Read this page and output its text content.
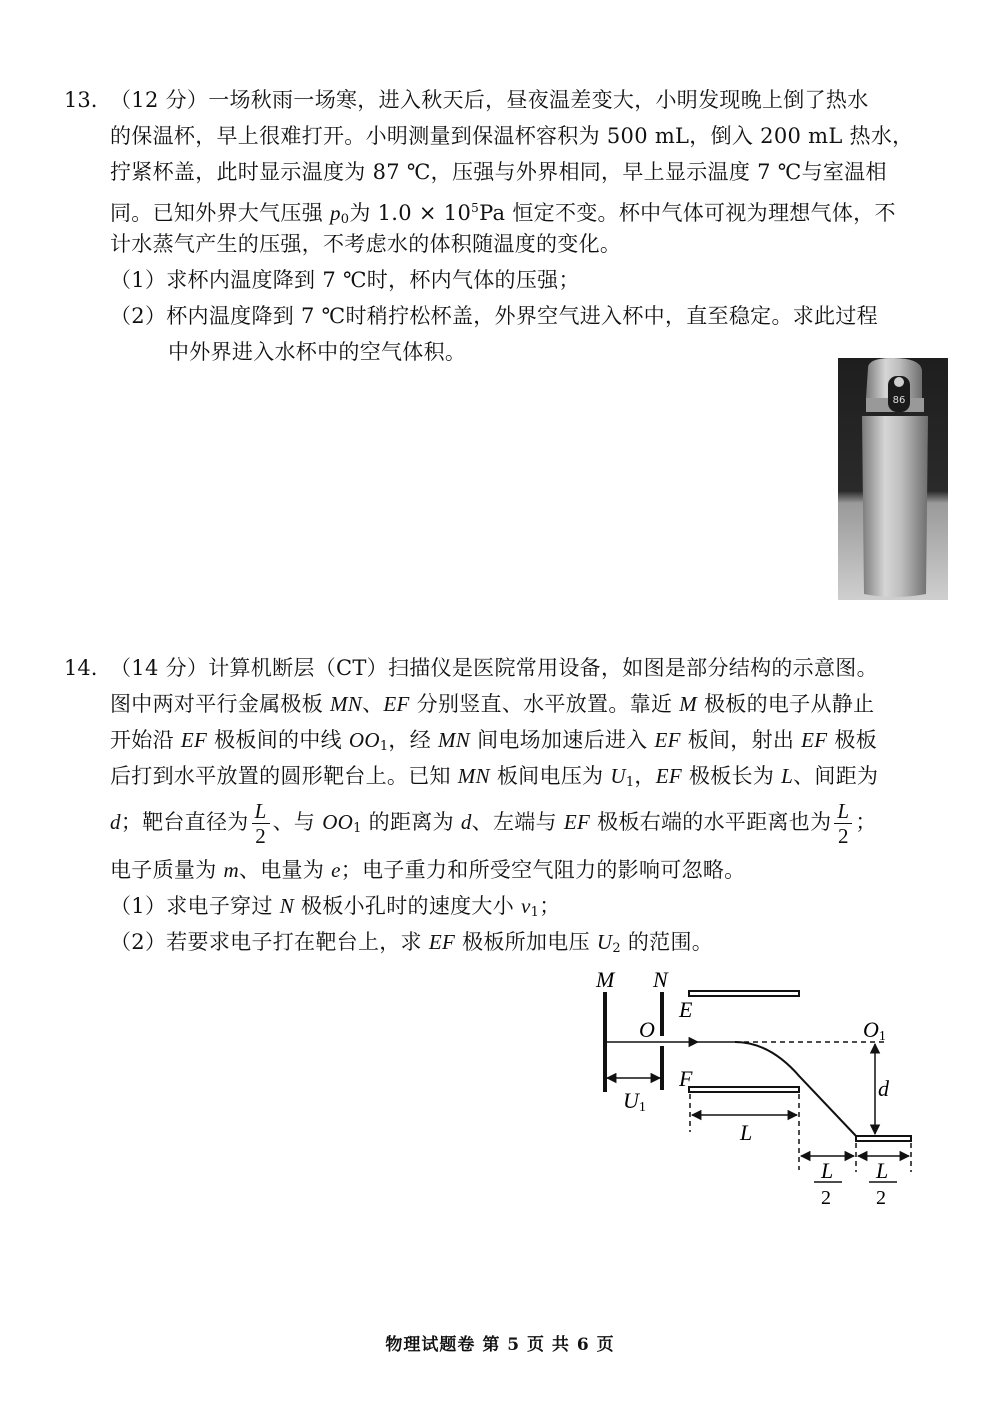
13. （12 分）一场秋雨一场寒，进入秋天后，昼夜温差变大，小明发现晚上倒了热水
的保温杯，早上很难打开。小明测量到保温杯容积为 500 mL，倒入 200 mL 热水，
拧紧杯盖，此时显示温度为 87 ℃，压强与外界相同，早上显示温度 7 ℃与室温相
同。已知外界大气压强 $p_0$为 $1.0 \times 10^5Pa$ 恒定不变。杯中气体可视为理想气体，不
计水蒸气产生的压强，不考虑水的体积随温度的变化。
（1）求杯内温度降到 7 ℃时，杯内气体的压强；
（2）杯内温度降到 7 ℃时稍拧松杯盖，外界空气进入杯中，直至稳定。求此过程
中外界进入水杯中的空气体积。
86
14. （14 分）计算机断层（CT）扫描仪是医院常用设备，如图是部分结构的示意图。
图中两对平行金属极板 MN、EF 分别竖直、水平放置。靠近 M 极板的电子从静止
开始沿 EF 极板间的中线 $OO_1$，经 MN 间电场加速后进入 EF 板间，射出 EF 极板
后打到水平放置的圆形靶台上。已知 MN 板间电压为 $U_1$，EF 极板长为 L、间距为
d；靶台直径为 $\frac{L}{2}$ 、与 $OO_1$ 的距离为 d、左端与 EF 极板右端的水平距离也为 $\frac{L}{2}$ ；
电子质量为 m、电量为 e；电子重力和所受空气阻力的影响可忽略。
（1）求电子穿过 N 极板小孔时的速度大小 $v_1$；
（2）若要求电子打在靶台上，求 EF 极板所加电压 $U_2$ 的范围。
M N
E
O	O1
F
U1
d
L
L
2
L
2
物理试题卷 第 5 页 共 6 页
